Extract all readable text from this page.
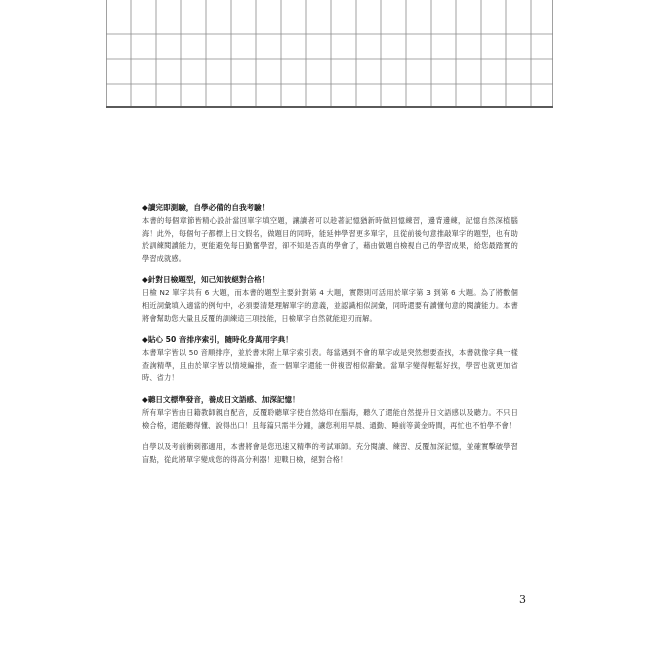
◆讀完即測驗，自學必備的自我考驗！
本書的每個章節皆精心設計當回單字填空題，讓讀者可以趁著記憶猶新時做回憶練習，邊背邊練，記憶自然深植腦海！此外，每個句子都標上日文假名，做題目的同時，能延伸學習更多單字，且從前後句意推敲單字的題型，也有助於訓練閱讀能力，更能避免每日勤奮學習，卻不知是否真的學會了，藉由做題自檢視自己的學習成果，給您最踏實的學習成就感。
◆針對日檢題型，知己知彼絕對合格！
日檢 N2 單字共有 6 大題，而本書的題型主要針對第 4 大題，實際則可活用於單字第 3 到第 6 大題。為了將數個相近詞彙填入適當的例句中，必須要清楚理解單字的意義，並認識相似詞彙，同時還要有讀懂句意的閱讀能力。本書將會幫助您大量且反覆的訓練這三項技能，日檢單字自然就能迎刃而解。
◆貼心 50 音排序索引，隨時化身萬用字典！
本書單字皆以 50 音順排序，並於書末附上單字索引表。每當遇到不會的單字或是突然想要查找，本書就像字典一樣查詢精準，且由於單字皆以情境編排，查一個單字還能一併複習相似辭彙。當單字變得輕鬆好找，學習也就更加省時、省力！
◆聽日文標準發音，養成日文語感、加深記憶！
所有單字皆由日籍教師親自配音，反覆聆聽單字使自然烙印在腦海，聽久了還能自然提升日文語感以及聽力。不只日檢合格，還能聽得懂、說得出口！且每篇只需半分鐘，讓您利用早晨、通勤、睡前等黃金時間，再忙也不怕學不會！
自學以及考前衝刺都適用，本書將會是您迅速又精準的考試軍師。充分閱讀、練習、反覆加深記憶，並確實擊破學習盲點，從此將單字變成您的得高分利器！迎戰日檢，絕對合格！
3
